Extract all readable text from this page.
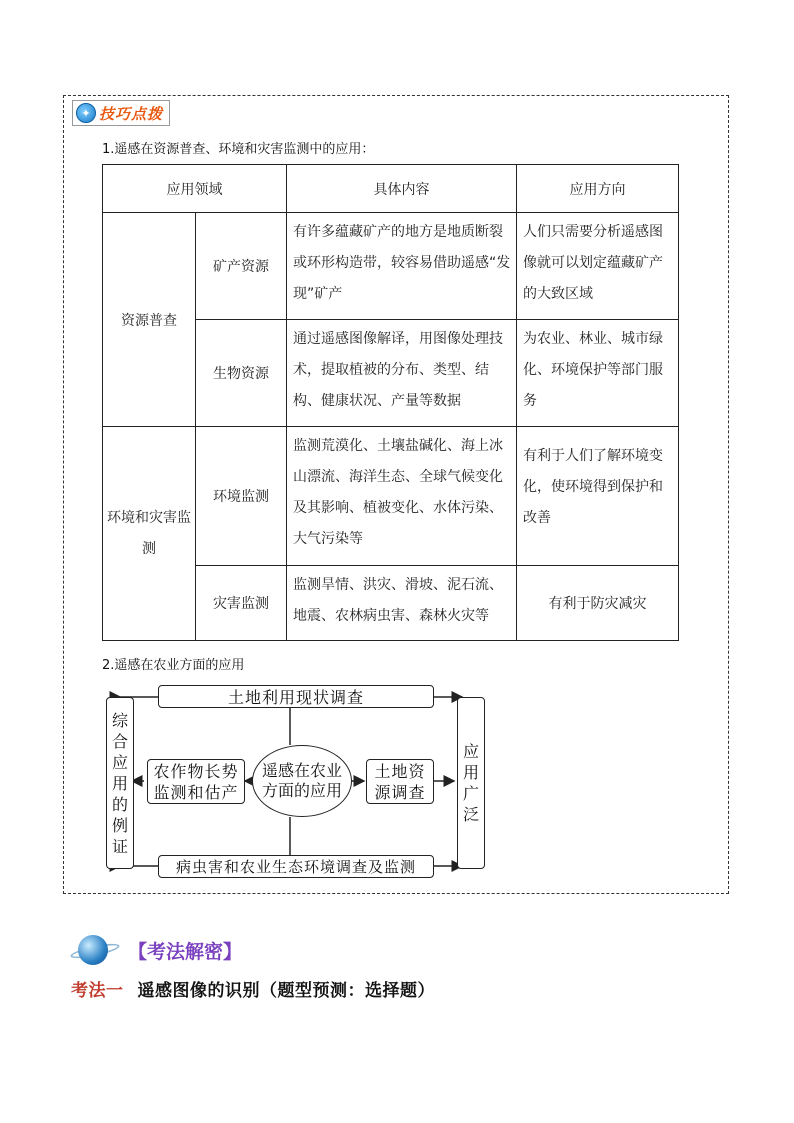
✦ 技巧点拨
1.遥感在资源普查、环境和灾害监测中的应用：
应用领域		具体内容	应用方向
资源普查	矿产资源	有许多蕴藏矿产的地方是地质断裂或环形构造带，较容易借助遥感“发现”矿产	人们只需要分析遥感图像就可以划定蕴藏矿产的大致区域
	生物资源	通过遥感图像解译，用图像处理技术，提取植被的分布、类型、结构、健康状况、产量等数据	为农业、林业、城市绿化、环境保护等部门服务
环境和灾害监测	环境监测	监测荒漠化、土壤盐碱化、海上冰山漂流、海洋生态、全球气候变化及其影响、植被变化、水体污染、大气污染等	有利于人们了解环境变化，使环境得到保护和改善
	灾害监测	监测旱情、洪灾、滑坡、泥石流、地震、农林病虫害、森林火灾等	有利于防灾减灾
2.遥感在农业方面的应用
综合应用的例证
应用广泛
土地利用现状调查
病虫害和农业生态环境调查及监测
遥感在农业方面的应用
农作物长势监测和估产
土地资源调查
【考法解密】
考法一 遥感图像的识别（题型预测：选择题）
